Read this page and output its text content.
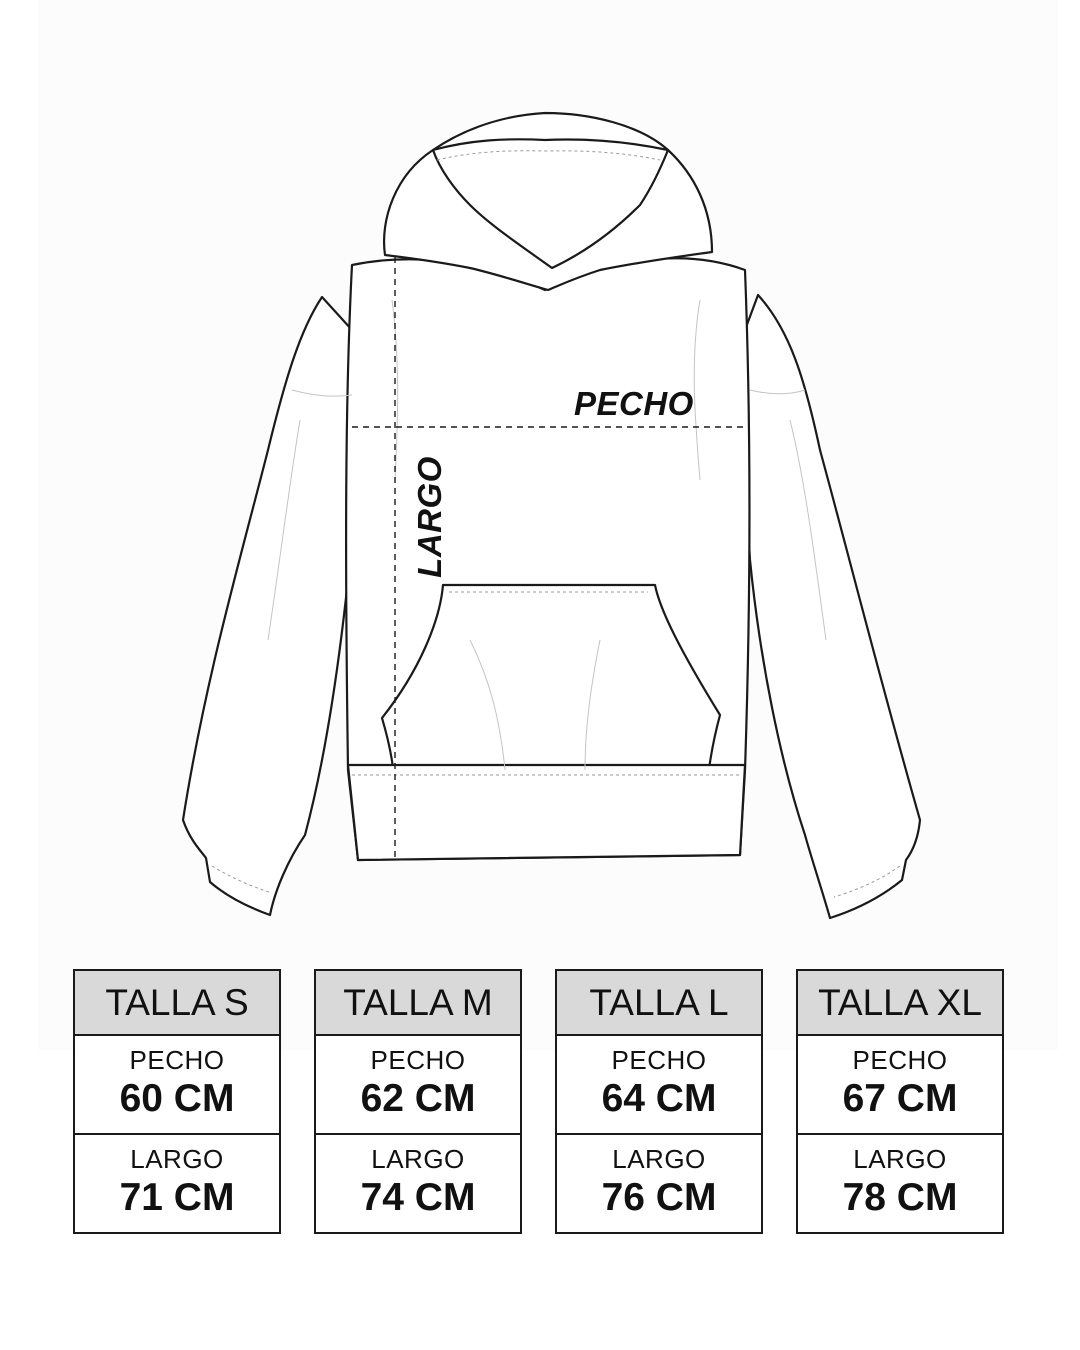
PECHO
LARGO
TALLA S
PECHO
60 CM
LARGO
71 CM
TALLA M
PECHO
62 CM
LARGO
74 CM
TALLA L
PECHO
64 CM
LARGO
76 CM
TALLA XL
PECHO
67 CM
LARGO
78 CM
